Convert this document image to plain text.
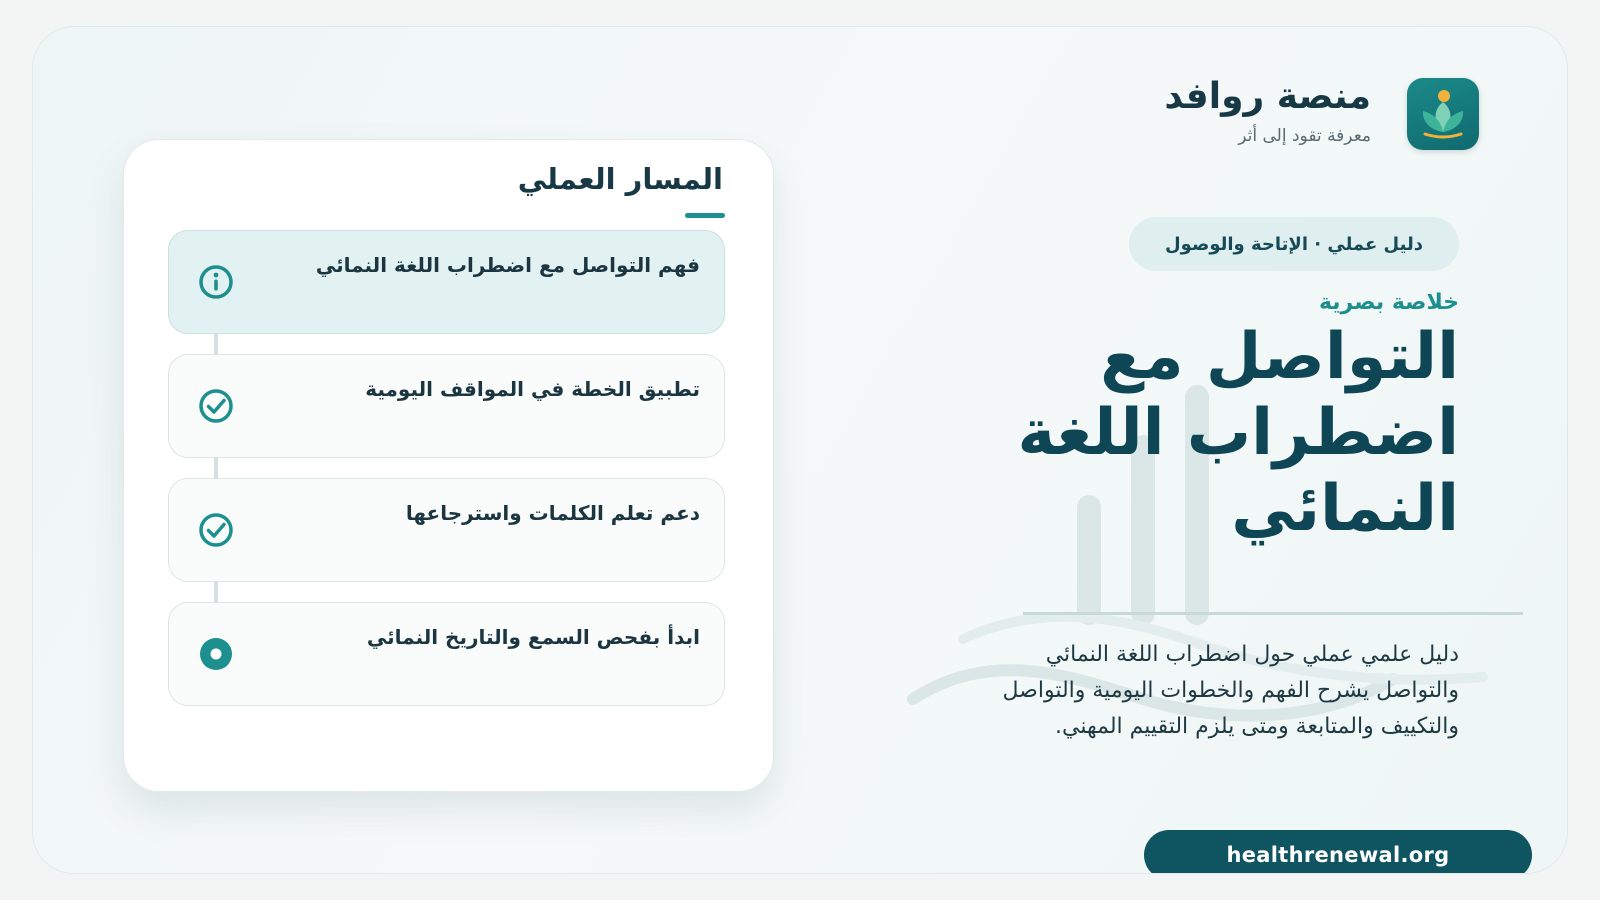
المسار العملي
فهم التواصل مع اضطراب اللغة النمائي
تطبيق الخطة في المواقف اليومية
دعم تعلم الكلمات واسترجاعها
ابدأ بفحص السمع والتاريخ النمائي
منصة روافد
معرفة تقود إلى أثر
دليل عملي · الإتاحة والوصول
خلاصة بصرية
التواصل مع اضطراب اللغة النمائي

دليل علمي عملي حول اضطراب اللغة النمائي والتواصل يشرح الفهم والخطوات اليومية والتواصل والتكييف والمتابعة ومتى يلزم التقييم المهني.

healthrenewal.org
